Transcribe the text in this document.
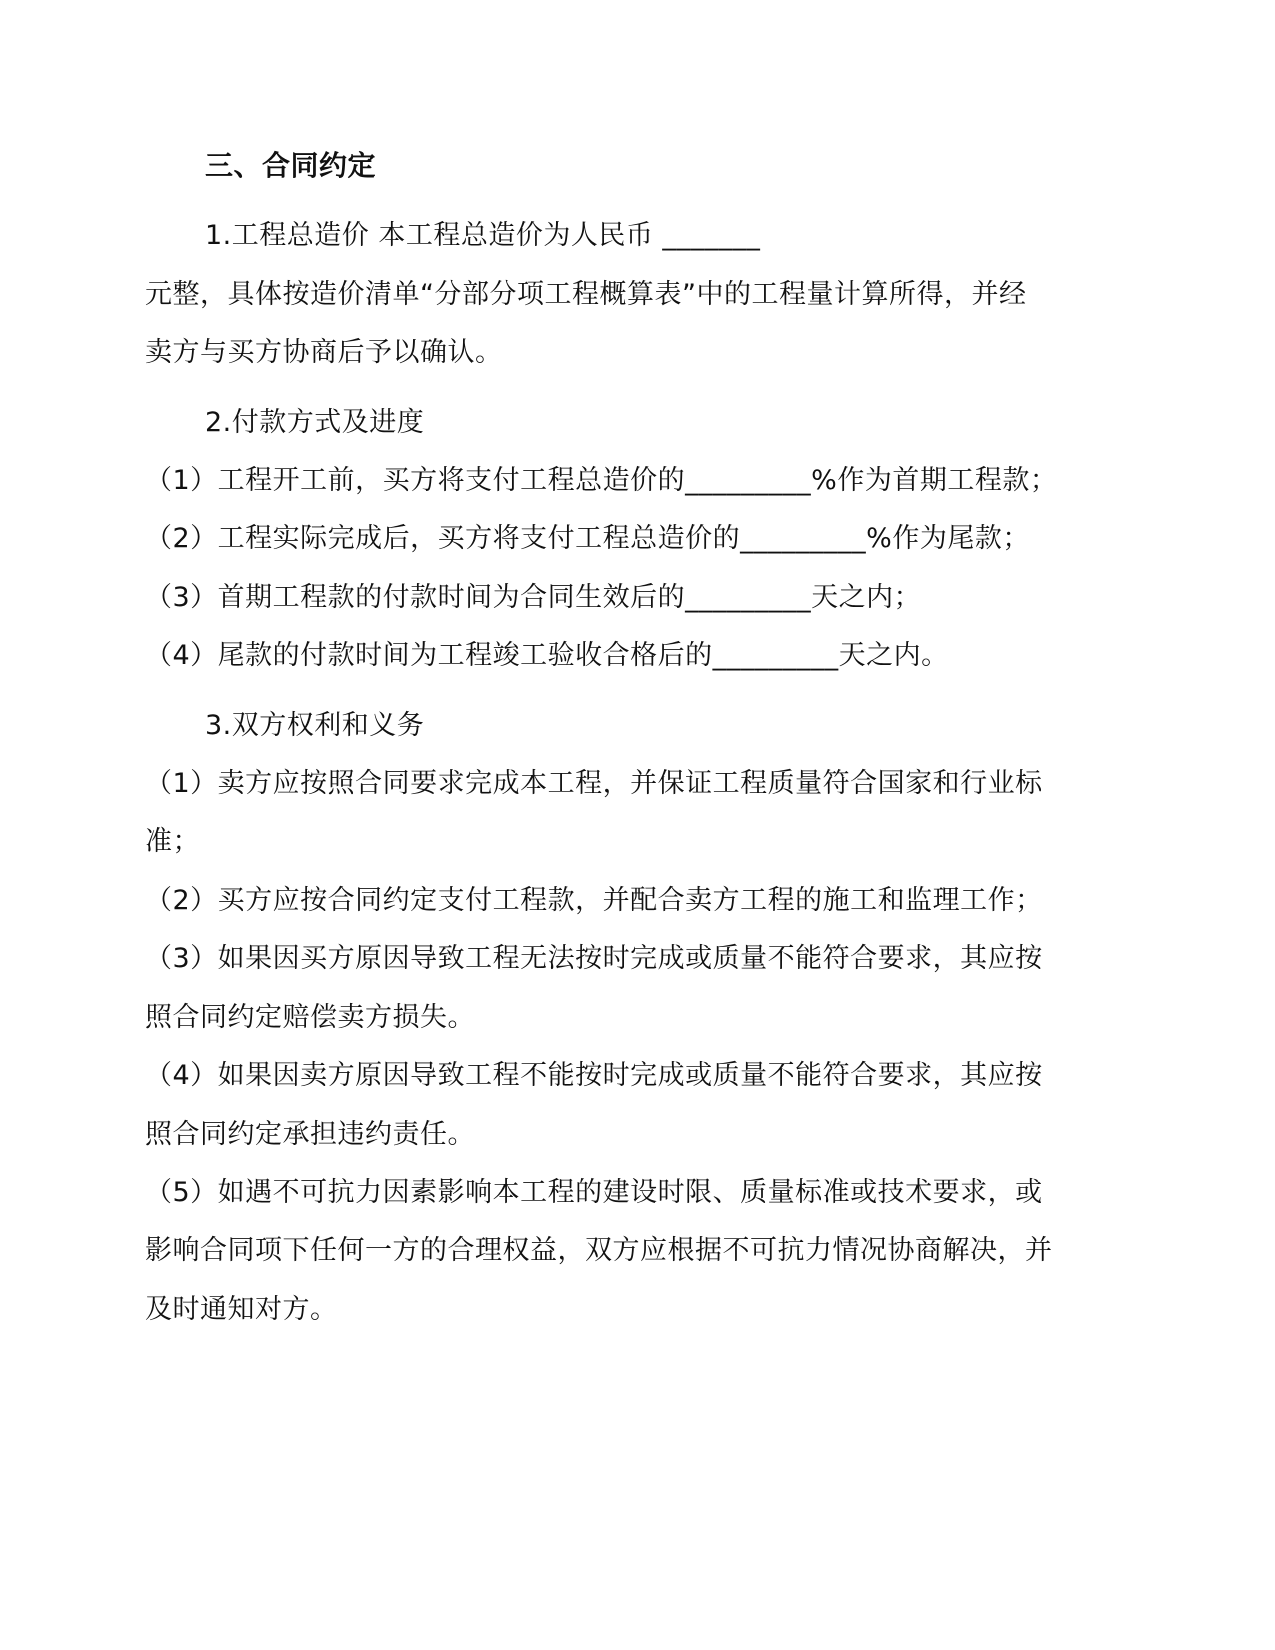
三、合同约定
1.工程总造价 本工程总造价为人民币 _______
元整，具体按造价清单“分部分项工程概算表”中的工程量计算所得，并经
卖方与买方协商后予以确认。
2.付款方式及进度
（1）工程开工前，买方将支付工程总造价的_________%作为首期工程款；
（2）工程实际完成后，买方将支付工程总造价的_________%作为尾款；
（3）首期工程款的付款时间为合同生效后的_________天之内；
（4）尾款的付款时间为工程竣工验收合格后的_________天之内。
3.双方权利和义务
（1）卖方应按照合同要求完成本工程，并保证工程质量符合国家和行业标
准；
（2）买方应按合同约定支付工程款，并配合卖方工程的施工和监理工作；
（3）如果因买方原因导致工程无法按时完成或质量不能符合要求，其应按
照合同约定赔偿卖方损失。
（4）如果因卖方原因导致工程不能按时完成或质量不能符合要求，其应按
照合同约定承担违约责任。
（5）如遇不可抗力因素影响本工程的建设时限、质量标准或技术要求，或
影响合同项下任何一方的合理权益，双方应根据不可抗力情况协商解决，并
及时通知对方。
